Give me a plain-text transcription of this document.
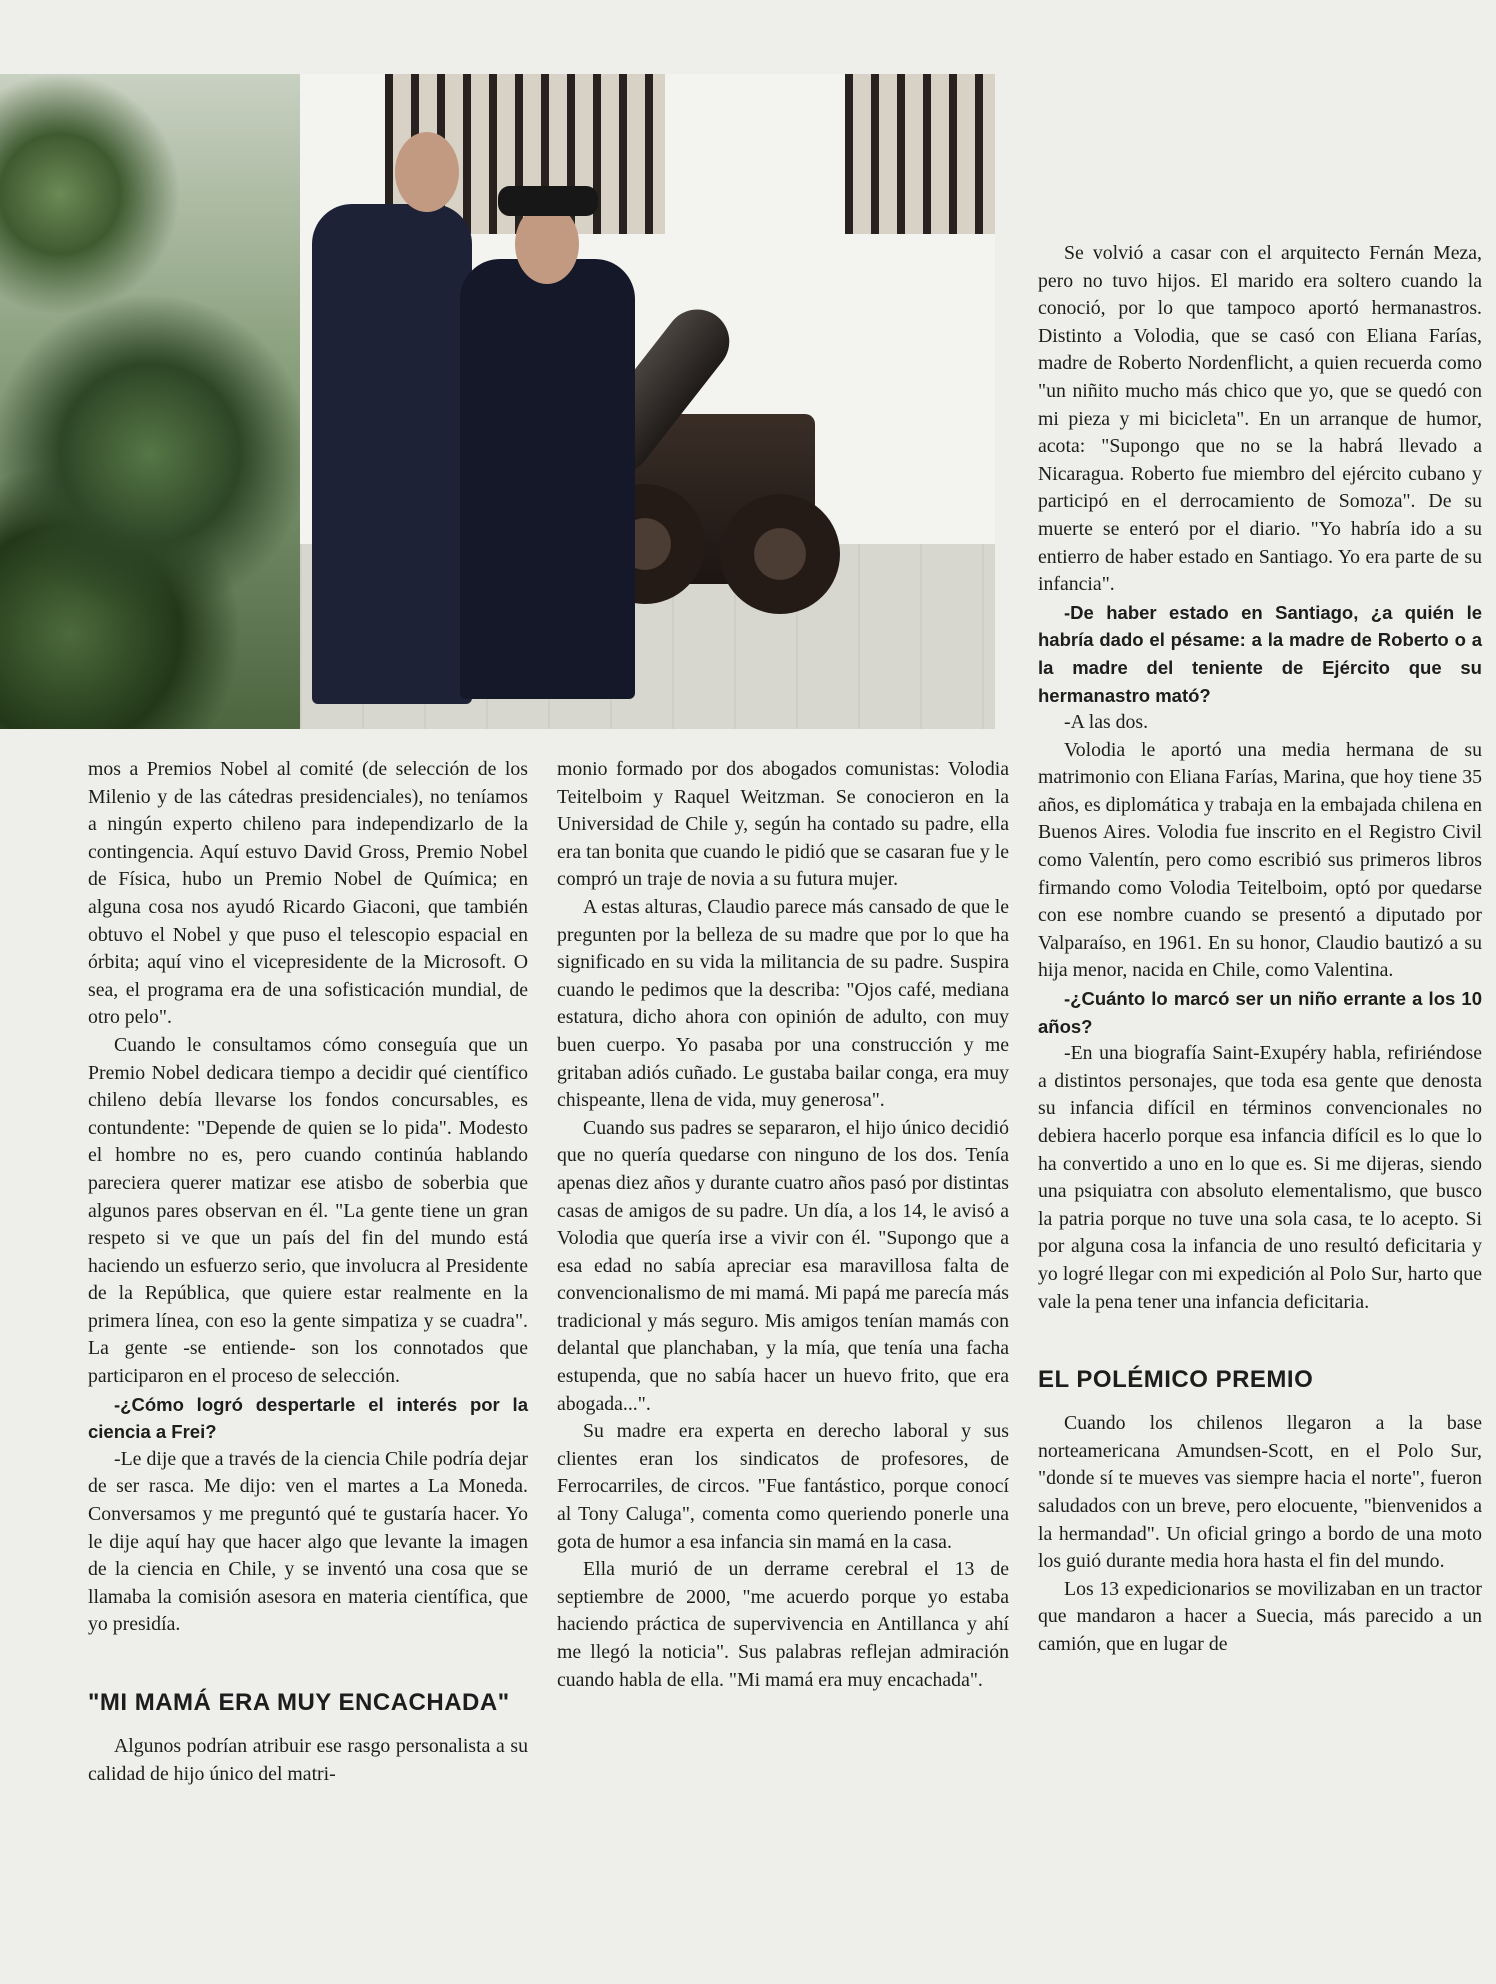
mos a Premios Nobel al comité (de selección de los Milenio y de las cátedras presidenciales), no teníamos a ningún experto chileno para independizarlo de la contingencia. Aquí estuvo David Gross, Premio Nobel de Física, hubo un Premio Nobel de Química; en alguna cosa nos ayudó Ricardo Giaconi, que también obtuvo el Nobel y que puso el telescopio espacial en órbita; aquí vino el vicepresidente de la Microsoft. O sea, el programa era de una sofisticación mundial, de otro pelo".

Cuando le consultamos cómo conseguía que un Premio Nobel dedicara tiempo a decidir qué científico chileno debía llevarse los fondos concursables, es contundente: "Depende de quien se lo pida". Modesto el hombre no es, pero cuando continúa hablando pareciera querer matizar ese atisbo de soberbia que algunos pares observan en él. "La gente tiene un gran respeto si ve que un país del fin del mundo está haciendo un esfuerzo serio, que involucra al Presidente de la República, que quiere estar realmente en la primera línea, con eso la gente simpatiza y se cuadra". La gente -se entiende- son los connotados que participaron en el proceso de selección.

-¿Cómo logró despertarle el interés por la ciencia a Frei?

-Le dije que a través de la ciencia Chile podría dejar de ser rasca. Me dijo: ven el martes a La Moneda. Conversamos y me preguntó qué te gustaría hacer. Yo le dije aquí hay que hacer algo que levante la imagen de la ciencia en Chile, y se inventó una cosa que se llamaba la comisión asesora en materia científica, que yo presidía.

"MI MAMÁ ERA MUY ENCACHADA"

Algunos podrían atribuir ese rasgo personalista a su calidad de hijo único del matri-

monio formado por dos abogados comunistas: Volodia Teitelboim y Raquel Weitzman. Se conocieron en la Universidad de Chile y, según ha contado su padre, ella era tan bonita que cuando le pidió que se casaran fue y le compró un traje de novia a su futura mujer.

A estas alturas, Claudio parece más cansado de que le pregunten por la belleza de su madre que por lo que ha significado en su vida la militancia de su padre. Suspira cuando le pedimos que la describa: "Ojos café, mediana estatura, dicho ahora con opinión de adulto, con muy buen cuerpo. Yo pasaba por una construcción y me gritaban adiós cuñado. Le gustaba bailar conga, era muy chispeante, llena de vida, muy generosa".

Cuando sus padres se separaron, el hijo único decidió que no quería quedarse con ninguno de los dos. Tenía apenas diez años y durante cuatro años pasó por distintas casas de amigos de su padre. Un día, a los 14, le avisó a Volodia que quería irse a vivir con él. "Supongo que a esa edad no sabía apreciar esa maravillosa falta de convencionalismo de mi mamá. Mi papá me parecía más tradicional y más seguro. Mis amigos tenían mamás con delantal que planchaban, y la mía, que tenía una facha estupenda, que no sabía hacer un huevo frito, que era abogada...".

Su madre era experta en derecho laboral y sus clientes eran los sindicatos de profesores, de Ferrocarriles, de circos. "Fue fantástico, porque conocí al Tony Caluga", comenta como queriendo ponerle una gota de humor a esa infancia sin mamá en la casa.

Ella murió de un derrame cerebral el 13 de septiembre de 2000, "me acuerdo porque yo estaba haciendo práctica de supervivencia en Antillanca y ahí me llegó la noticia". Sus palabras reflejan admiración cuando habla de ella. "Mi mamá era muy encachada".

Se volvió a casar con el arquitecto Fernán Meza, pero no tuvo hijos. El marido era soltero cuando la conoció, por lo que tampoco aportó hermanastros. Distinto a Volodia, que se casó con Eliana Farías, madre de Roberto Nordenflicht, a quien recuerda como "un niñito mucho más chico que yo, que se quedó con mi pieza y mi bicicleta". En un arranque de humor, acota: "Supongo que no se la habrá llevado a Nicaragua. Roberto fue miembro del ejército cubano y participó en el derrocamiento de Somoza". De su muerte se enteró por el diario. "Yo habría ido a su entierro de haber estado en Santiago. Yo era parte de su infancia".

-De haber estado en Santiago, ¿a quién le habría dado el pésame: a la madre de Roberto o a la madre del teniente de Ejército que su hermanastro mató?

-A las dos.

Volodia le aportó una media hermana de su matrimonio con Eliana Farías, Marina, que hoy tiene 35 años, es diplomática y trabaja en la embajada chilena en Buenos Aires. Volodia fue inscrito en el Registro Civil como Valentín, pero como escribió sus primeros libros firmando como Volodia Teitelboim, optó por quedarse con ese nombre cuando se presentó a diputado por Valparaíso, en 1961. En su honor, Claudio bautizó a su hija menor, nacida en Chile, como Valentina.

-¿Cuánto lo marcó ser un niño errante a los 10 años?

-En una biografía Saint-Exupéry habla, refiriéndose a distintos personajes, que toda esa gente que denosta su infancia difícil en términos convencionales no debiera hacerlo porque esa infancia difícil es lo que lo ha convertido a uno en lo que es. Si me dijeras, siendo una psiquiatra con absoluto elementalismo, que busco la patria porque no tuve una sola casa, te lo acepto. Si por alguna cosa la infancia de uno resultó deficitaria y yo logré llegar con mi expedición al Polo Sur, harto que vale la pena tener una infancia deficitaria.

EL POLÉMICO PREMIO

Cuando los chilenos llegaron a la base norteamericana Amundsen-Scott, en el Polo Sur, "donde sí te mueves vas siempre hacia el norte", fueron saludados con un breve, pero elocuente, "bienvenidos a la hermandad". Un oficial gringo a bordo de una moto los guió durante media hora hasta el fin del mundo.

Los 13 expedicionarios se movilizaban en un tractor que mandaron a hacer a Suecia, más parecido a un camión, que en lugar de
